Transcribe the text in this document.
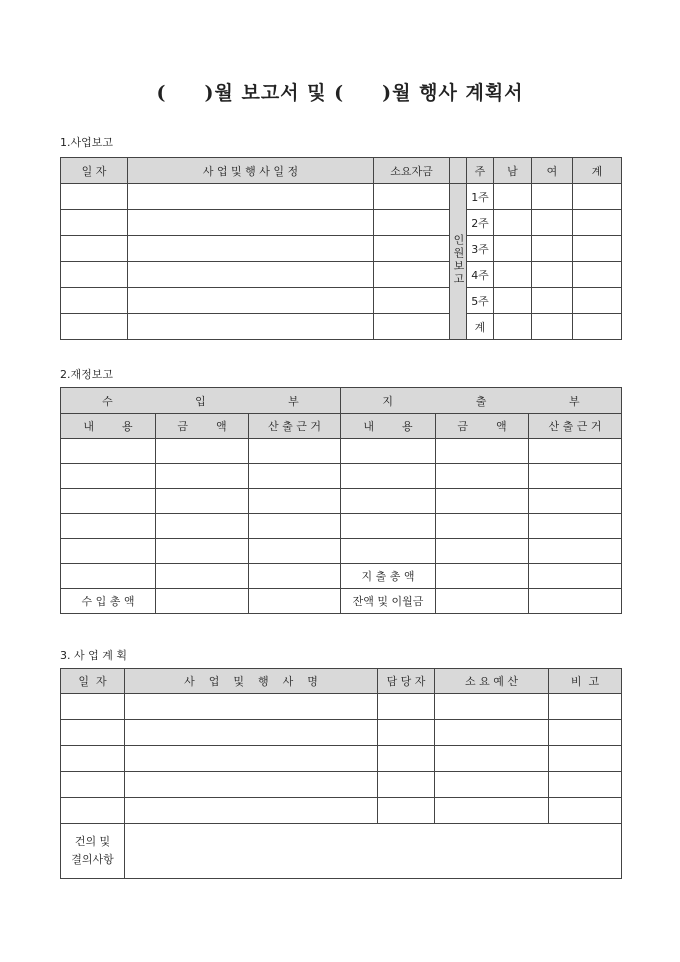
(     )월 보고서 및 (     )월 행사 계획서
1.사업보고
일 자	사 업 및 행 사 일 정	소요자금		주	남	여	계
			인원보고	1주			
				2주			
				3주			
				4주			
				5주			
				계			
2.재정보고
수 입 부			지 출 부		

내        용	금        액	산 출 근 거	내        용	금        액	산 출 근 거

			지 출 총 액		
수 입 총 액			잔액 및 이월금		
3. 사 업 계 획
일  자	사    업    및    행    사    명	담 당 자	소 요 예 산	비  고

건의 및
결의사항				
